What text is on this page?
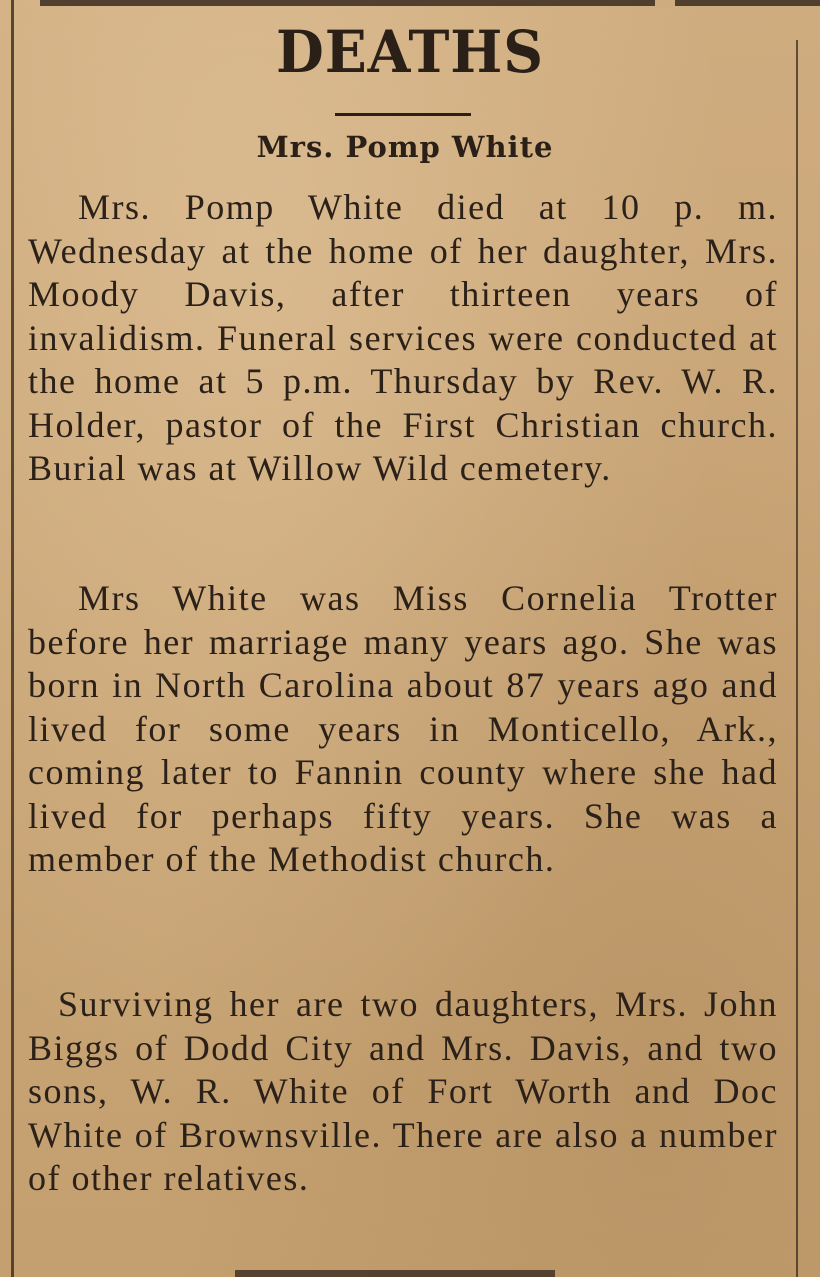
DEATHS
Mrs. Pomp White

Mrs. Pomp White died at 10 p. m. Wednesday at the home of her daughter, Mrs. Moody Davis, after thirteen years of invalidism. Funeral services were conducted at the home at 5 p.m. Thursday by Rev. W. R. Holder, pastor of the First Christian church. Burial was at Willow Wild cemetery.

Mrs White was Miss Cornelia Trotter before her marriage many years ago. She was born in North Carolina about 87 years ago and lived for some years in Monticello, Ark., coming later to Fannin county where she had lived for perhaps fifty years. She was a member of the Methodist church.

Surviving her are two daughters, Mrs. John Biggs of Dodd City and Mrs. Davis, and two sons, W. R. White of Fort Worth and Doc White of Brownsville. There are also a number of other relatives.
